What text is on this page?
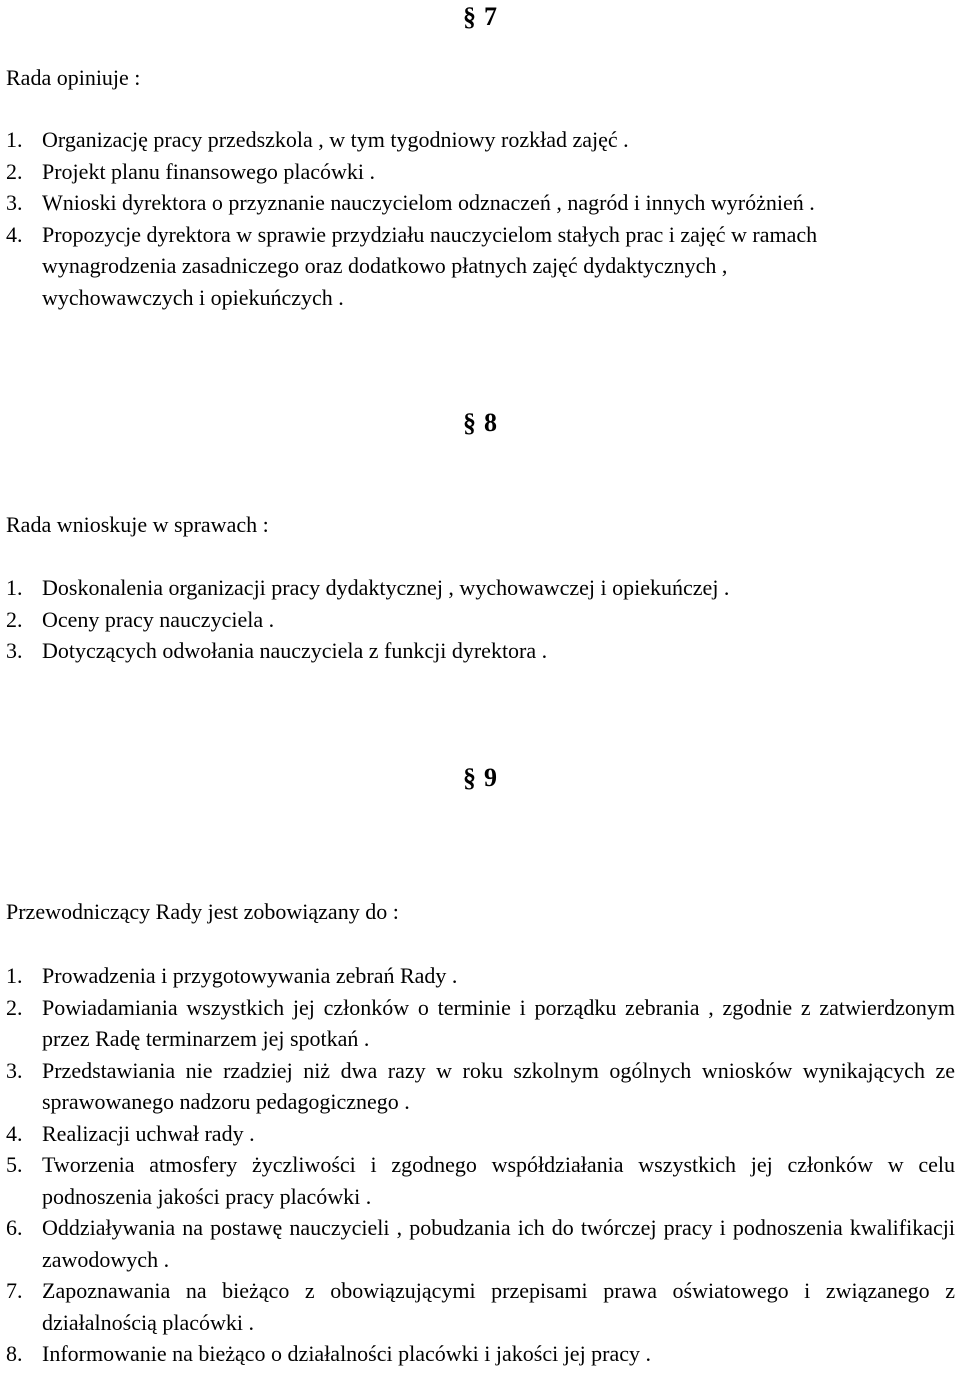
§ 7
Rada opiniuje :
1. Organizację pracy przedszkola , w tym tygodniowy rozkład zajęć .
2. Projekt planu finansowego placówki .
3. Wnioski dyrektora o przyznanie nauczycielom odznaczeń , nagród i innych wyróżnień .
4. Propozycje dyrektora w sprawie przydziału nauczycielom stałych prac i zajęć w ramach wynagrodzenia zasadniczego oraz dodatkowo płatnych zajęć dydaktycznych , wychowawczych i opiekuńczych .
§ 8
Rada wnioskuje w sprawach :
1. Doskonalenia organizacji pracy dydaktycznej , wychowawczej i opiekuńczej .
2. Oceny pracy nauczyciela .
3. Dotyczących odwołania nauczyciela z funkcji dyrektora .
§ 9
Przewodniczący Rady jest zobowiązany do :
1. Prowadzenia i przygotowywania zebrań Rady .
2. Powiadamiania wszystkich jej członków o terminie i porządku zebrania , zgodnie z zatwierdzonym przez Radę terminarzem jej spotkań .
3. Przedstawiania nie rzadziej niż dwa razy w roku szkolnym ogólnych wniosków wynikających ze sprawowanego nadzoru pedagogicznego .
4. Realizacji uchwał rady .
5. Tworzenia atmosfery życzliwości i zgodnego współdziałania wszystkich jej członków w celu podnoszenia jakości pracy placówki .
6. Oddziaływania na postawę nauczycieli , pobudzania ich do twórczej pracy i podnoszenia kwalifikacji zawodowych .
7. Zapoznawania na bieżąco z obowiązującymi przepisami prawa oświatowego i związanego z działalnością placówki .
8. Informowanie na bieżąco o działalności placówki i jakości jej pracy .
